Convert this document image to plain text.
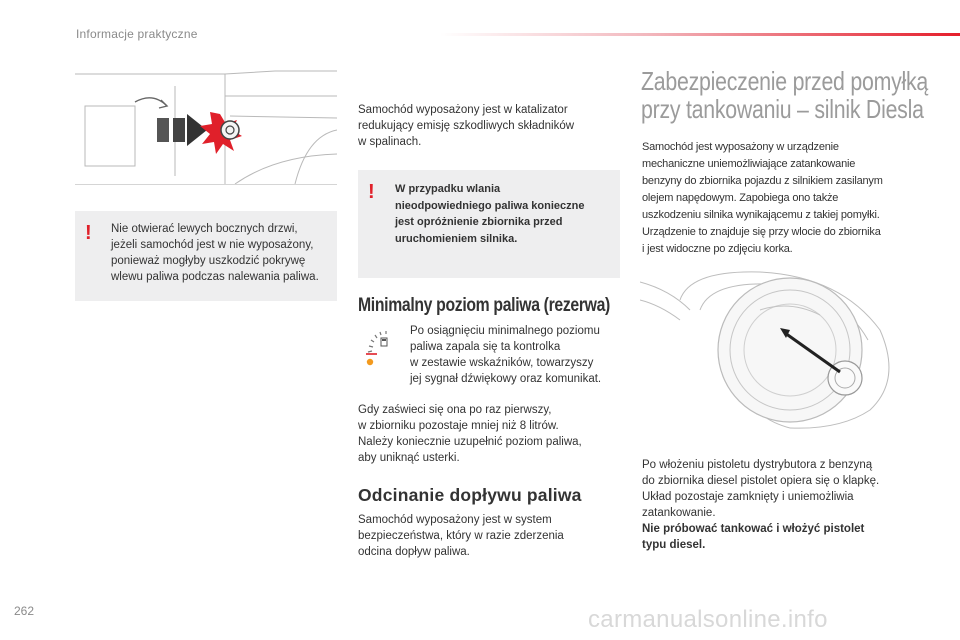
Informacje praktyczne
! Nie otwierać lewych bocznych drzwi,

jeżeli samochód jest w nie wyposażony,

ponieważ mogłyby uszkodzić pokrywę

wlewu paliwa podczas nalewania paliwa.

Samochód wyposażony jest w katalizator

redukujący emisję szkodliwych składników

w spalinach.

! W przypadku wlania

nieodpowiedniego paliwa konieczne

jest opróżnienie zbiornika przed

uruchomieniem silnika.

Minimalny poziom paliwa (rezerwa)

Po osiągnięciu minimalnego poziomu

paliwa zapala się ta kontrolka

w zestawie wskaźników, towarzyszy

jej sygnał dźwiękowy oraz komunikat.

Gdy zaświeci się ona po raz pierwszy,

w zbiorniku pozostaje mniej niż 8 litrów.

Należy koniecznie uzupełnić poziom paliwa,

aby uniknąć usterki.

Odcinanie dopływu paliwa

Samochód wyposażony jest w system

bezpieczeństwa, który w razie zderzenia

odcina dopływ paliwa.

Zabezpieczenie przed pomyłką
przy tankowaniu – silnik Diesla

Samochód jest wyposażony w urządzenie

mechaniczne uniemożliwiające zatankowanie

benzyny do zbiornika pojazdu z silnikiem zasilanym

olejem napędowym. Zapobiega ono także

uszkodzeniu silnika wynikającemu z takiej pomyłki.

Urządzenie to znajduje się przy wlocie do zbiornika

i jest widoczne po zdjęciu korka.

Po włożeniu pistoletu dystrybutora z benzyną

do zbiornika diesel pistolet opiera się o klapkę.

Układ pozostaje zamknięty i uniemożliwia

zatankowanie.

Nie próbować tankować i włożyć pistolet

typu diesel.

262	carmanualsonline.info
